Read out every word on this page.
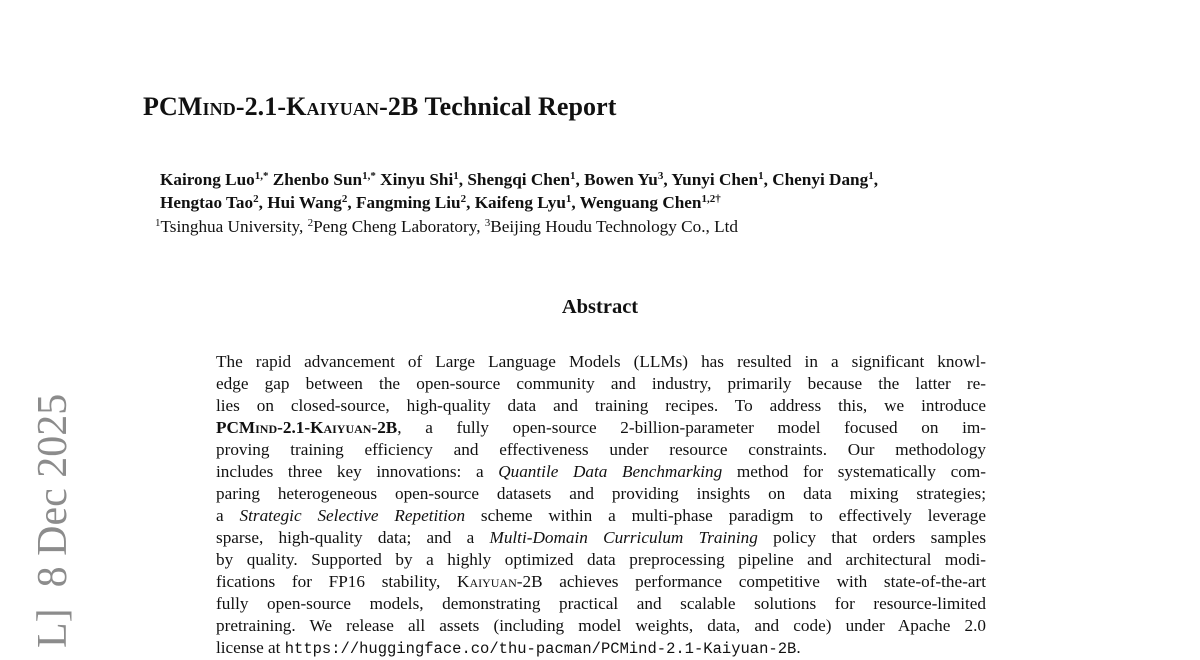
L]  8 Dec 2025
PCMind-2.1-Kaiyuan-2B Technical Report
Kairong Luo$^{1,*}$ Zhenbo Sun$^{1,*}$ Xinyu Shi$^1$, Shengqi Chen$^1$, Bowen Yu$^3$, Yunyi Chen$^1$, Chenyi Dang$^1$,
Hengtao Tao$^2$, Hui Wang$^2$, Fangming Liu$^2$, Kaifeng Lyu$^1$, Wenguang Chen$^{1,2\dagger}$
$^1$Tsinghua University, $^2$Peng Cheng Laboratory, $^3$Beijing Houdu Technology Co., Ltd
Abstract
The rapid advancement of Large Language Models (LLMs) has resulted in a significant knowl-
edge gap between the open-source community and industry, primarily because the latter re-
lies on closed-source, high-quality data and training recipes. To address this, we introduce
PCMind-2.1-Kaiyuan-2B, a fully open-source 2-billion-parameter model focused on im-
proving training efficiency and effectiveness under resource constraints. Our methodology
includes three key innovations: a Quantile Data Benchmarking method for systematically com-
paring heterogeneous open-source datasets and providing insights on data mixing strategies;
a Strategic Selective Repetition scheme within a multi-phase paradigm to effectively leverage
sparse, high-quality data; and a Multi-Domain Curriculum Training policy that orders samples
by quality. Supported by a highly optimized data preprocessing pipeline and architectural modi-
fications for FP16 stability, Kaiyuan-2B achieves performance competitive with state-of-the-art
fully open-source models, demonstrating practical and scalable solutions for resource-limited
pretraining. We release all assets (including model weights, data, and code) under Apache 2.0
license at https://huggingface.co/thu-pacman/PCMind-2.1-Kaiyuan-2B.
